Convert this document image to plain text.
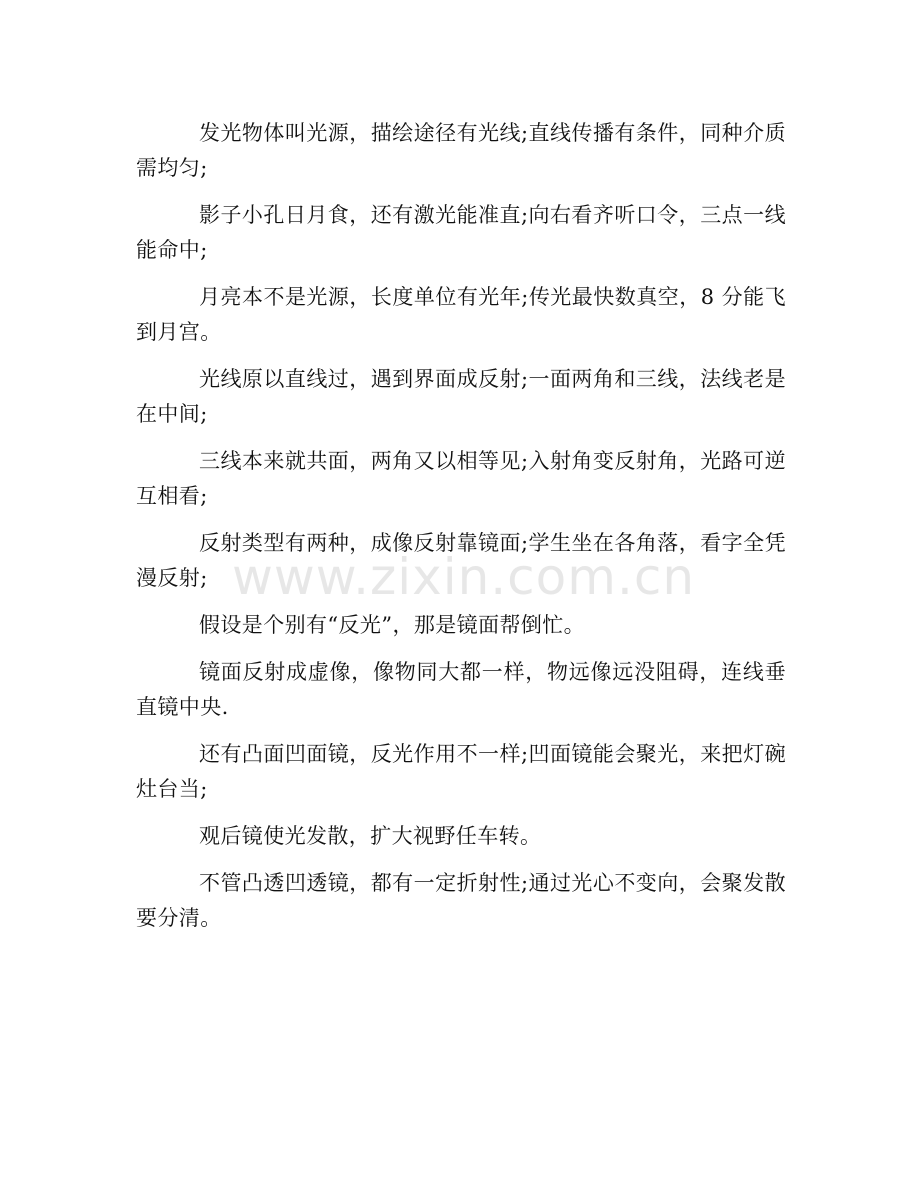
发光物体叫光源，描绘途径有光线;直线传播有条件，同种介质需均匀;

影子小孔日月食，还有激光能准直;向右看齐听口令，三点一线能命中;

月亮本不是光源，长度单位有光年;传光最快数真空，8 分能飞到月宫。

光线原以直线过，遇到界面成反射;一面两角和三线，法线老是在中间;

三线本来就共面，两角又以相等见;入射角变反射角，光路可逆互相看;

反射类型有两种，成像反射靠镜面;学生坐在各角落，看字全凭漫反射;

假设是个别有“反光”，那是镜面帮倒忙。

镜面反射成虚像，像物同大都一样，物远像远没阻碍，连线垂直镜中央.

还有凸面凹面镜，反光作用不一样;凹面镜能会聚光，来把灯碗灶台当;

观后镜使光发散，扩大视野任车转。

不管凸透凹透镜，都有一定折射性;通过光心不变向，会聚发散要分清。

www.zixin.com.cn
